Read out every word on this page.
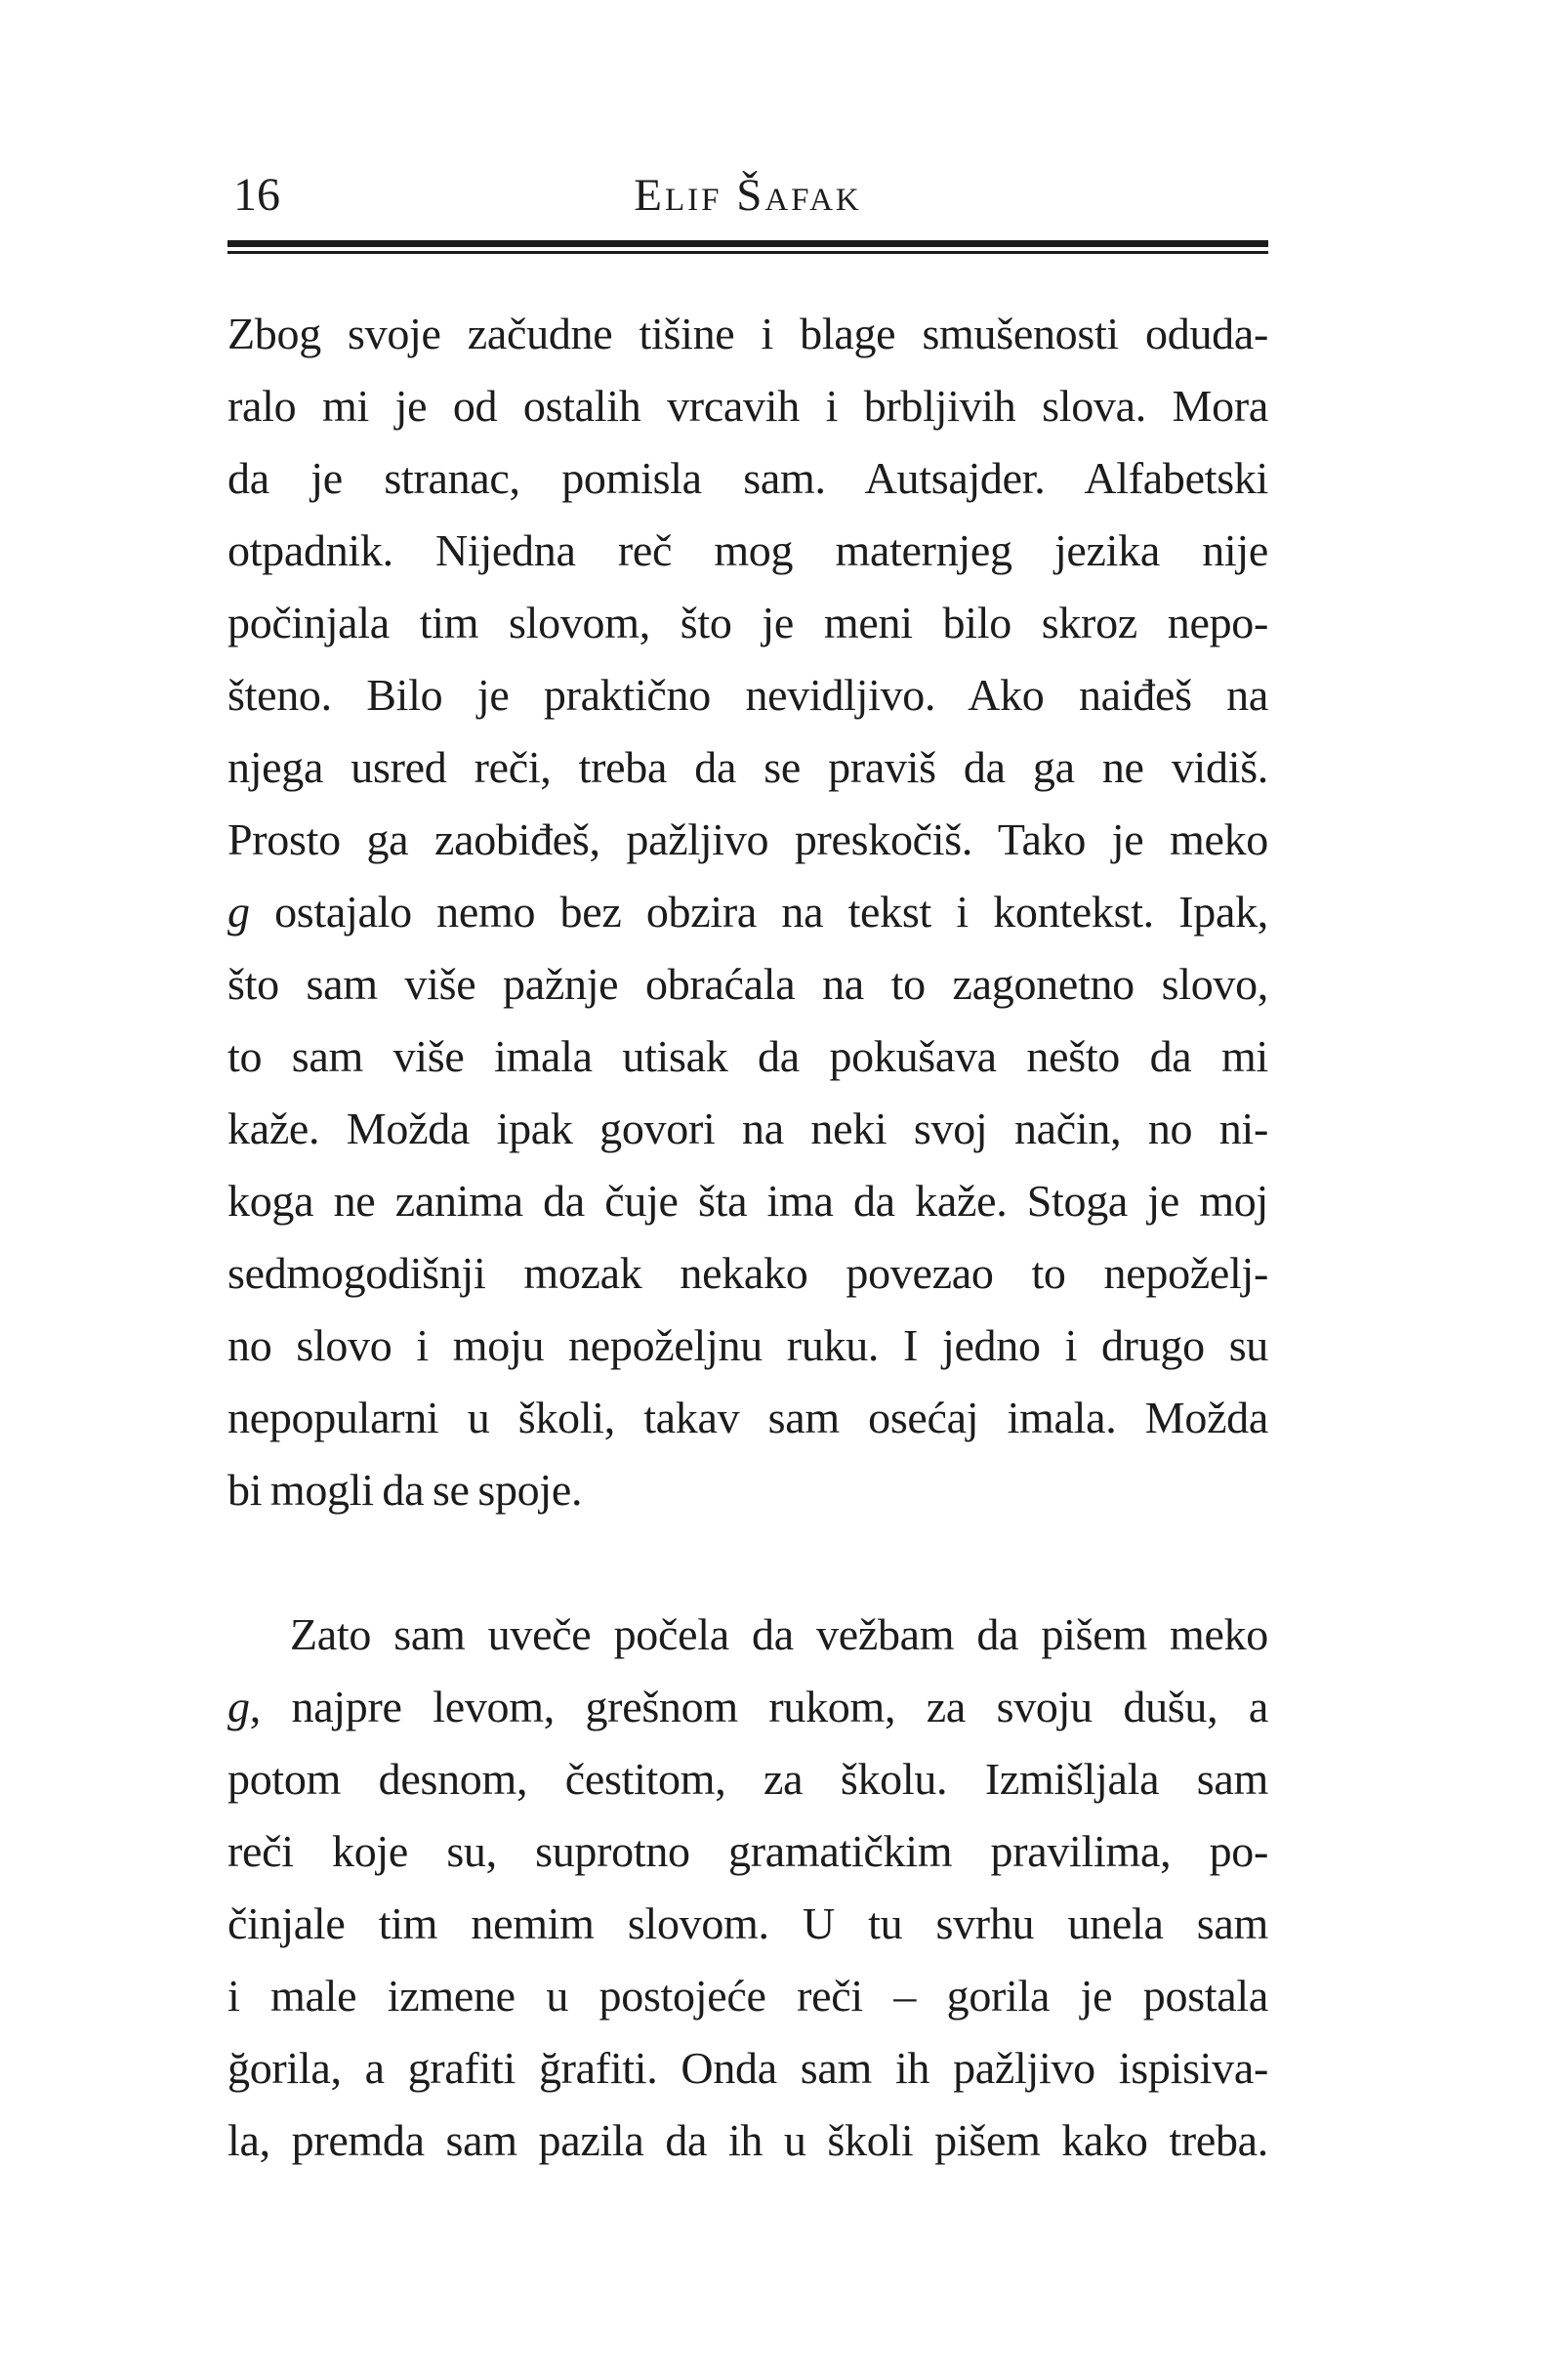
16	Elif Šafak
Zbog svoje začudne tišine i blage smušenosti oduda-
ralo mi je od ostalih vrcavih i brbljivih slova. Mora
da je stranac, pomisla sam. Autsajder. Alfabetski
otpadnik. Nijedna reč mog maternjeg jezika nije
počinjala tim slovom, što je meni bilo skroz nepo-
šteno. Bilo je praktično nevidljivo. Ako naiđeš na
njega usred reči, treba da se praviš da ga ne vidiš.
Prosto ga zaobiđeš, pažljivo preskočiš. Tako je meko
g ostajalo nemo bez obzira na tekst i kontekst. Ipak,
što sam više pažnje obraćala na to zagonetno slovo,
to sam više imala utisak da pokušava nešto da mi
kaže. Možda ipak govori na neki svoj način, no ni-
koga ne zanima da čuje šta ima da kaže. Stoga je moj
sedmogodišnji mozak nekako povezao to nepoželj-
no slovo i moju nepoželjnu ruku. I jedno i drugo su
nepopularni u školi, takav sam osećaj imala. Možda
bi mogli da se spoje.
Zato sam uveče počela da vežbam da pišem meko
g, najpre levom, grešnom rukom, za svoju dušu, a
potom desnom, čestitom, za školu. Izmišljala sam
reči koje su, suprotno gramatičkim pravilima, po-
činjale tim nemim slovom. U tu svrhu unela sam
i male izmene u postojeće reči – gorila je postala
ğorila, a grafiti ğrafiti. Onda sam ih pažljivo ispisiva-
la, premda sam pazila da ih u školi pišem kako treba.
